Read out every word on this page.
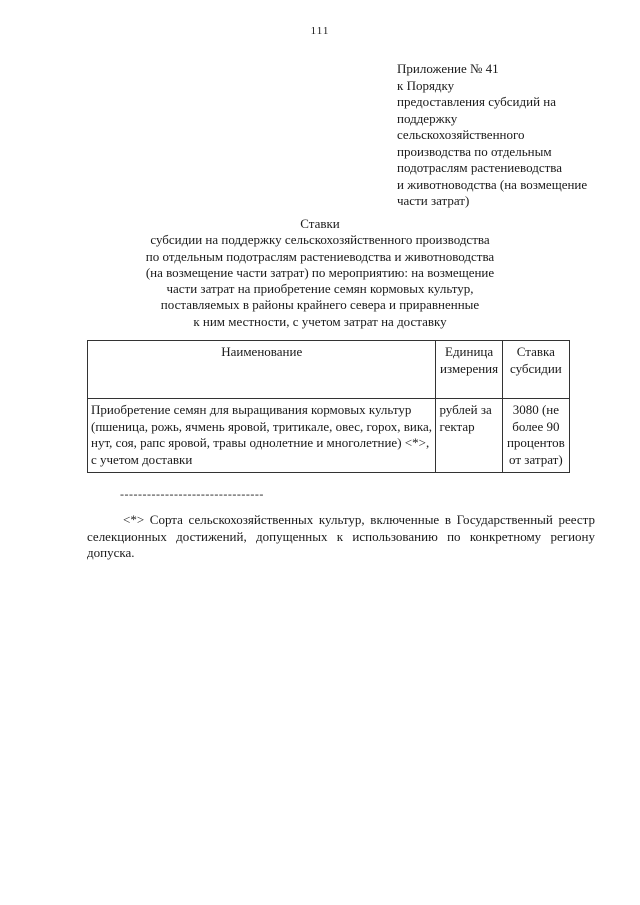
111
Приложение № 41
к Порядку
предоставления субсидий на
поддержку
сельскохозяйственного
производства по отдельным
подотраслям растениеводства
и животноводства (на возмещение
части затрат)
Ставки
субсидии на поддержку сельскохозяйственного производства
по отдельным подотраслям растениеводства и животноводства
(на возмещение части затрат) по мероприятию: на возмещение
части затрат на приобретение семян кормовых культур,
поставляемых в районы крайнего севера и приравненные
к ним местности, с учетом затрат на доставку
Наименование	Единица измерения	Ставка субсидии
Приобретение семян для выращивания кормовых культур (пшеница, рожь, ячмень яровой, тритикале, овес, горох, вика, нут, соя, рапс яровой, травы однолетние и многолетние) <*>, с учетом доставки	рублей за гектар	3080 (не более 90 процентов от затрат)
--------------------------------
<*> Сорта сельскохозяйственных культур, включенные в Государственный реестр селекционных достижений, допущенных к использованию по конкретному региону допуска.
